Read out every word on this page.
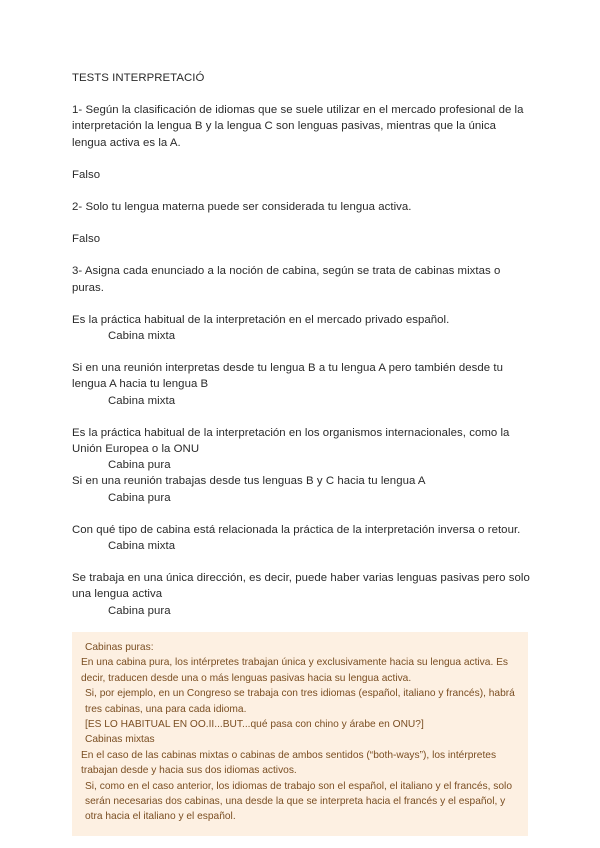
TESTS INTERPRETACIÓ

1- Según la clasificación de idiomas que se suele utilizar en el mercado profesional de la interpretación la lengua B y la lengua C son lenguas pasivas, mientras que la única lengua activa es la A.

Falso

2- Solo tu lengua materna puede ser considerada tu lengua activa.

Falso

3- Asigna cada enunciado a la noción de cabina, según se trata de cabinas mixtas o puras.

Es la práctica habitual de la interpretación en el mercado privado español.

Cabina mixta

Si en una reunión interpretas desde tu lengua B a tu lengua A pero también desde tu lengua A hacia tu lengua B

Cabina mixta

Es la práctica habitual de la interpretación en los organismos internacionales, como la Unión Europea o la ONU

Cabina pura

Si en una reunión trabajas desde tus lenguas B y C hacia tu lengua A

Cabina pura

Con qué tipo de cabina está relacionada la práctica de la interpretación inversa o retour.

Cabina mixta

Se trabaja en una única dirección, es decir, puede haber varias lenguas pasivas pero solo una lengua activa

Cabina pura

Cabinas puras:

En una cabina pura, los intérpretes trabajan única y exclusivamente hacia su lengua activa. Es decir, traducen desde una o más lenguas pasivas hacia su lengua activa.

Si, por ejemplo, en un Congreso se trabaja con tres idiomas (español, italiano y francés), habrá tres cabinas, una para cada idioma.

[ES LO HABITUAL EN OO.II...BUT...qué pasa con chino y árabe en ONU?]

Cabinas mixtas

En el caso de las cabinas mixtas o cabinas de ambos sentidos (“both-ways”), los intérpretes trabajan desde y hacia sus dos idiomas activos.

Si, como en el caso anterior, los idiomas de trabajo son el español, el italiano y el francés, solo serán necesarias dos cabinas, una desde la que se interpreta hacia el francés y el español, y otra hacia el italiano y el español.
